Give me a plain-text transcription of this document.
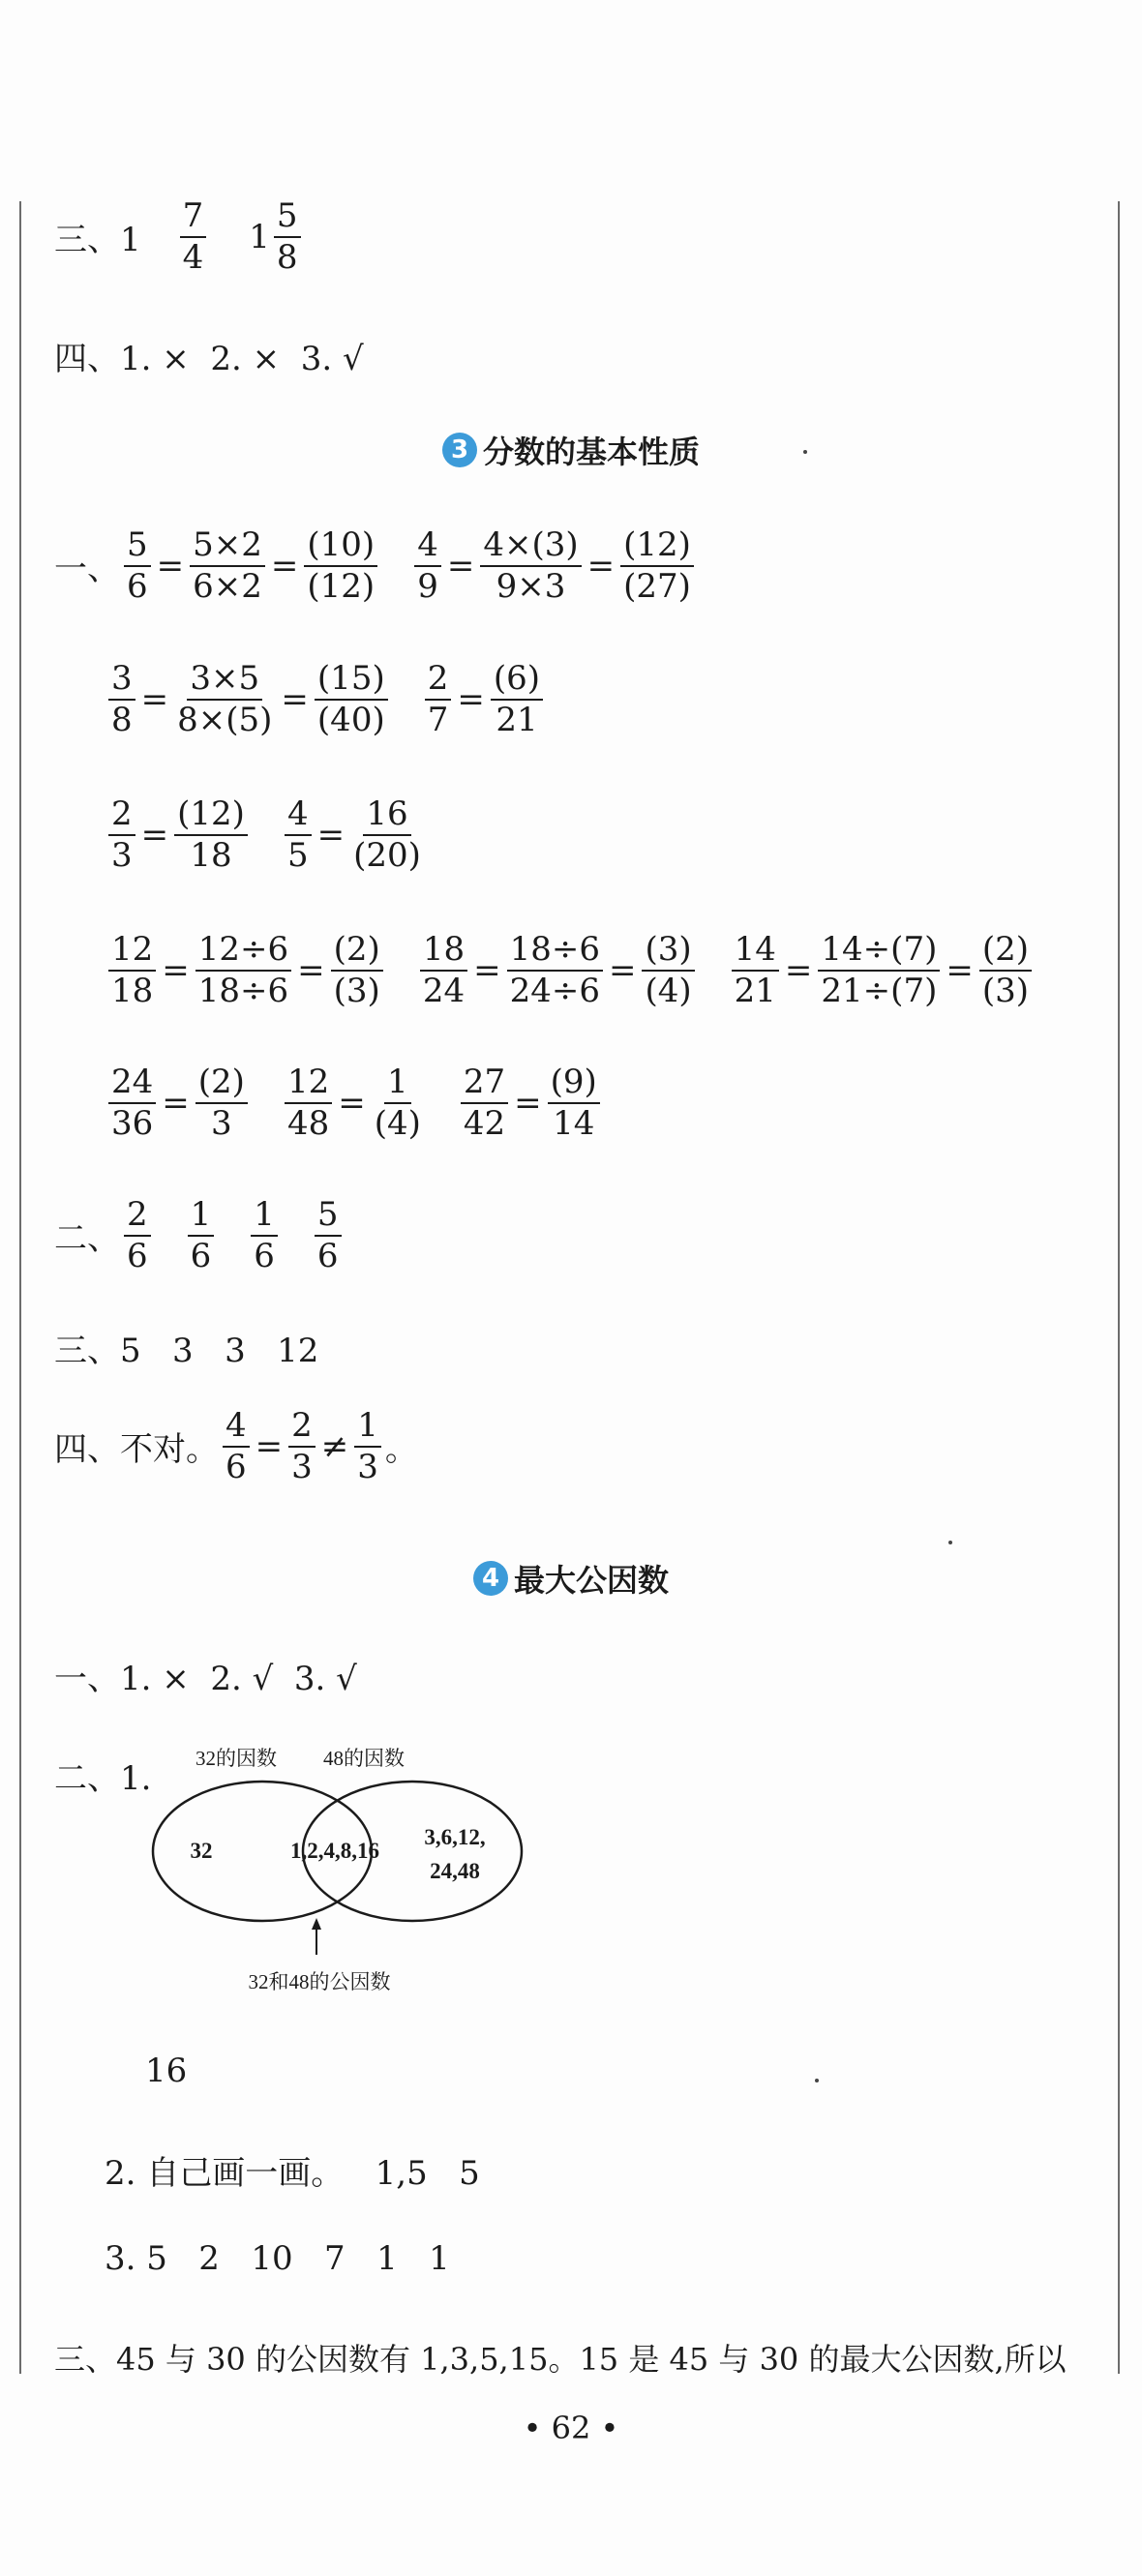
三、$1 \frac{7}{4} 1 \frac{5}{8}$
四、1. ×  2. ×  3. √
3 分数的基本性质
一、 $\frac{5}{6} = \frac{5\times 2}{6\times 2} = \frac{(10)}{(12)} \frac{4}{9} = \frac{4\times(3)}{9\times 3} = \frac{(12)}{(27)}$
$\frac{3}{8} = \frac{3\times 5}{8\times(5)} = \frac{(15)}{(40)} \frac{2}{7} = \frac{(6)}{21}$
$\frac{2}{3} = \frac{(12)}{18} \frac{4}{5} = \frac{16}{(20)}$
$\frac{12}{18} = \frac{12\div 6}{18\div 6} = \frac{(2)}{(3)} \frac{18}{24} = \frac{18\div 6}{24\div 6} = \frac{(3)}{(4)} \frac{14}{21} = \frac{14\div(7)}{21\div(7)} = \frac{(2)}{(3)}$
$\frac{24}{36} = \frac{(2)}{3} \frac{12}{48} = \frac{1}{(4)} \frac{27}{42} = \frac{(9)}{14}$
二、 $\frac{2}{6} \frac{1}{6} \frac{1}{6} \frac{5}{6}$
三、5   3   3   12
四、不对。 $\frac{4}{6} = \frac{2}{3} \ne \frac{1}{3}$ 。
4 最大公因数
一、1. ×  2. √  3. √
二、1.
32的因数 48的因数
32	1,2,4,8,16
3,6,12,
24,48
32和48的公因数
16
2. 自己画一画。   1,5   5
3. 5   2   10   7   1   1
三、45 与 30 的公因数有 1,3,5,15。15 是 45 与 30 的最大公因数,所以
• 62 •
